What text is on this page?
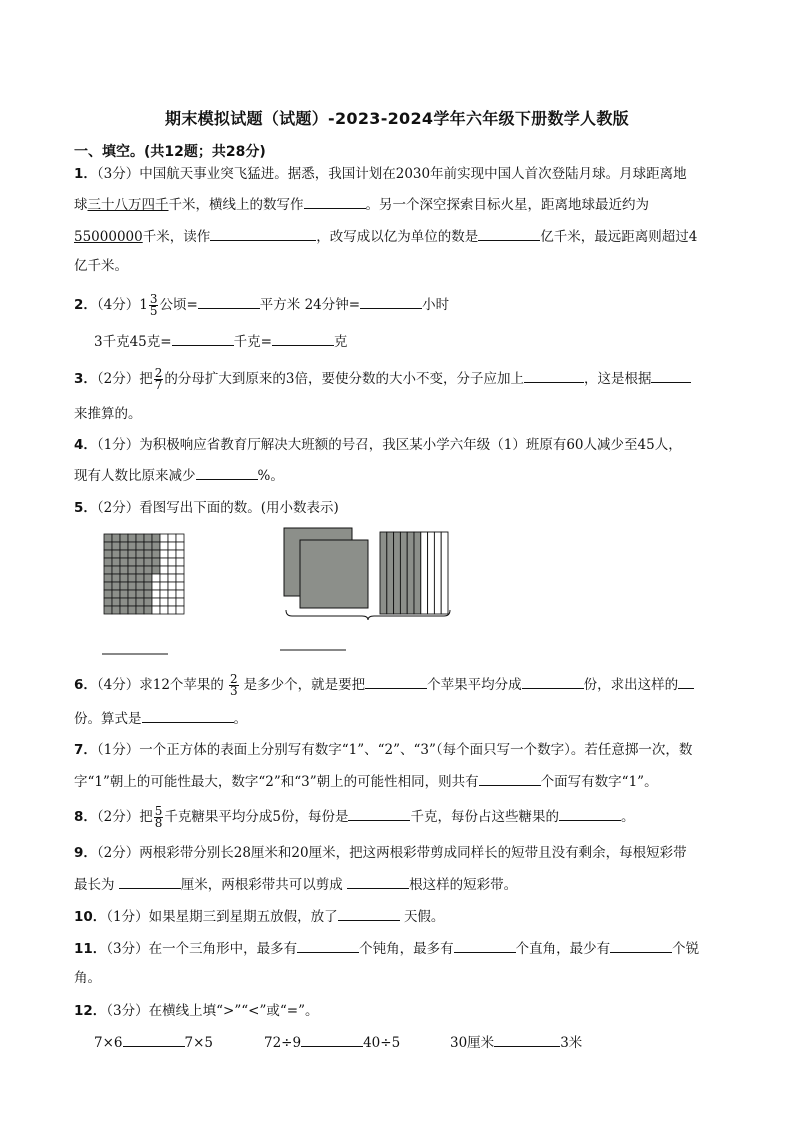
期末模拟试题（试题）-2023-2024学年六年级下册数学人教版
一、填空。(共12题；共28分)
1．（3分）中国航天事业突飞猛进。据悉，我国计划在2030年前实现中国人首次登陆月球。月球距离地
球三十八万四千千米，横线上的数写作	。另一个深空探索目标火星，距离地球最近约为
55000000千米，读作	，改写成以亿为单位的数是	亿千米，最远距离则超过4
亿千米。
2．（4分）$1 \frac{3}{5}$ 公顷=	平方米 24分钟=	小时
3千克45克=	千克=	克
3．（2分）把 $\frac{2}{7}$ 的分母扩大到原来的3倍，要使分数的大小不变，分子应加上	，这是根据
来推算的。
4．（1分）为积极响应省教育厅解决大班额的号召，我区某小学六年级（1）班原有60人减少至45人，
现有人数比原来减少	%。
5．（2分）看图写出下面的数。(用小数表示)
6．（4分）求12个苹果的 $\frac{2}{3}$ 是多少个，就是要把	个苹果平均分成	份，求出这样的
份。算式是	。
7．（1分）一个正方体的表面上分别写有数字“1”、“2”、“3”（每个面只写一个数字）。若任意掷一次，数
字“1”朝上的可能性最大，数字“2”和“3”朝上的可能性相同，则共有	个面写有数字“1”。
8．（2分）把 $\frac{5}{8}$ 千克糖果平均分成5份，每份是	千克，每份占这些糖果的	。
9．（2分）两根彩带分别长28厘米和20厘米，把这两根彩带剪成同样长的短带且没有剩余，每根短彩带
最长为	厘米，两根彩带共可以剪成	根这样的短彩带。
10．（1分）如果星期三到星期五放假，放了	天假。
11．（3分）在一个三角形中，最多有	个钝角，最多有	个直角，最少有	个锐
角。
12．（3分）在横线上填“>”“<”或“=”。
7×6	7×5	72÷9	40÷5	30厘米	3米
